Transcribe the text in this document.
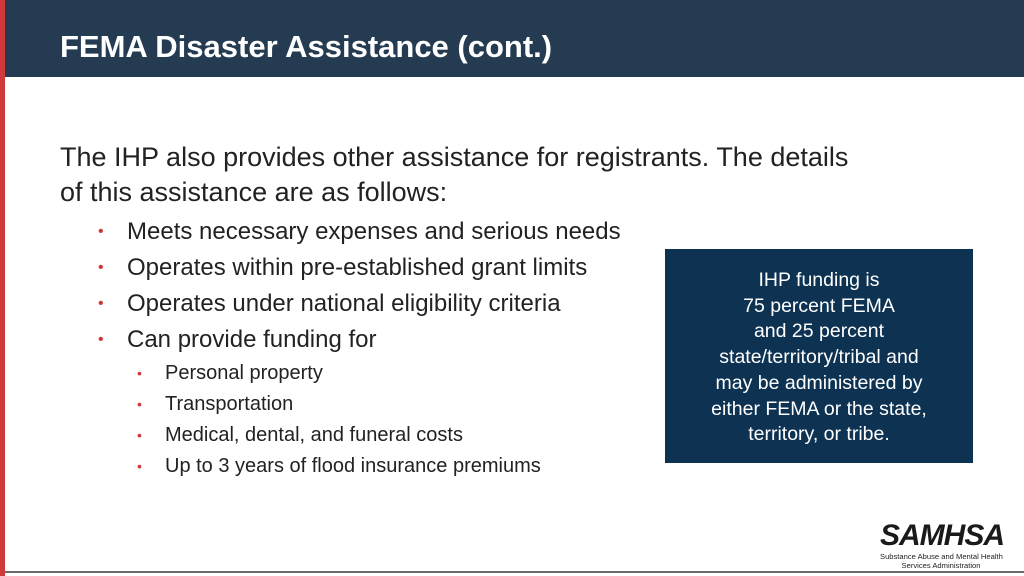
FEMA Disaster Assistance (cont.)
The IHP also provides other assistance for registrants. The details
of this assistance are as follows:
• Meets necessary expenses and serious needs
• Operates within pre-established grant limits
• Operates under national eligibility criteria
• Can provide funding for
• Personal property
• Transportation
• Medical, dental, and funeral costs
• Up to 3 years of flood insurance premiums
IHP funding is
75 percent FEMA
and 25 percent
state/territory/tribal and
may be administered by
either FEMA or the state,
territory, or tribe.
SAMHSA
Substance Abuse and Mental Health
Services Administration
